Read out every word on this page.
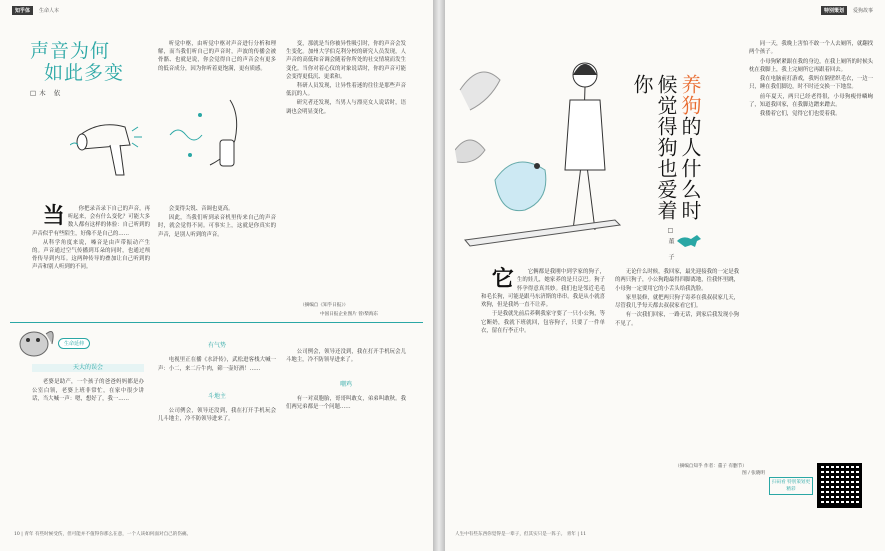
知乎体	生命人本
声音为何
如此多变
□木 依

当	你把录音录下自己的声音，再听起来，会有什么变化？可能大多数人都有这样的体验：自己听到的声音似乎有些陌生，好像不是自己的……

从科学角度来说，嗓音是由声带振动产生的。声音通过空气传播到耳朵的同时，也通过颅骨传导到内耳。这两种传导的叠加让自己听到的声音和别人听到的不同。

听觉中枢，由听觉中枢对声音进行分析和理解，而当我们听自己的声音时，声波的传播会被骨骼、也就是说，你会觉得自己的声音会有更多的低音成分，因为你听着更饱满，更有质感。

会变得尖锐、音调也更高。

因此，当我们听到录音机里传来自己的声音时，就会觉得不同。可事实上，这就是你真实的声音，是别人听到的声音。

变，那就是当你被异性吸引时，你的声音会发生变化。加州大学伯克利分校的研究人员发现，人声音的高低和音调会随着你所处的社交情境而发生变化。当你对着心仪的对象说话时，你的声音可能会变得更低沉、更柔和。

科研人员发现，让异性着迷的往往是那些声音低沉的人。

研究者还发现，当男人与漂亮女人说话时，语调也会明显变化。

（摘编自《知乎日报》）
中国日报企业图片 曾/柴海东
生命延伸
天大的误会

老婆是助产，一个孩子的爸爸妈妈都是办公室白领，老婆上班非常忙，在家中很少讲话，当大喊一声：嗯，想好了，我一……

有气势

电视里正在播《水浒传》，武松进客栈大喊一声：小二，来二斤牛肉，筛一壶好酒！……

斗地主

公司例会，领导还没到，我在打开手机玩会儿斗地主，冷不防领导进来了。

公司例会，领导还没到，我在打开手机玩会儿斗地主，冷不防领导进来了。

嘲鸡

有一对双胞胎，哥哥叫敢女，弟弟叫敢秋。我们两兄弟都是一个问题……

10 | 青年 有些时候受伤，但可能并不值得你那么在意，一个人该如何面对自己的伤痛。
特别策划	爱狗故事
养狗的人什么时候觉得狗也爱着你
□董 子

它	它俩都是我刚中到学家的狗子，生的娃儿，她家养的是只京巴。狗子怀孕得意真其妙。我们也是邻近毛毛和毛长狗，可能是跟马东济斯的串串。我是从小就喜欢狗，但是我妈一直不让养。

于是我就先前后养剩我家守要了一只小公狗，等它断奶，我就下班就回，包容狗子，只要了一件单衣，留在行李正中。

无论什么时候，我回家，最先迎接我的一定是我的两只狗子，小公狗跑最得四脚离地，往我怀里跳，小母狗一定要用它的小舌头给我洗脸。

家里装修，就把两只狗子寄养在我叔叔家几天，尽管我几乎每天都去叔叔家看它们。

有一次我们回家，一路无话，到家后我发现小狗不见了。

同一天，我晚上害怕不敢一个人去厕所，就翻找两个孩子。

小母狗紧紧跟在我的身边，在我上厕所的时候头枕在我脚上，我上完厕所它再跟着回去。

我在电脑前打游戏，我妈在隔壁织毛衣，一边一只，睡在我们脚边，时不时还交换一下地盘。

前年夏天，两只已经老得很，小母狗瘦骨嶙峋了，知道我回家，在我脚边蹭来蹭去。

我搂着它们，觉得它们也爱着我。

（摘编自知乎 作者：董子 有删节）
图 / 张晓明
扫码看 特别策划更精彩
人生中有些东西你觉得是一辈子，但其实只是一阵子。 青年 | 11
